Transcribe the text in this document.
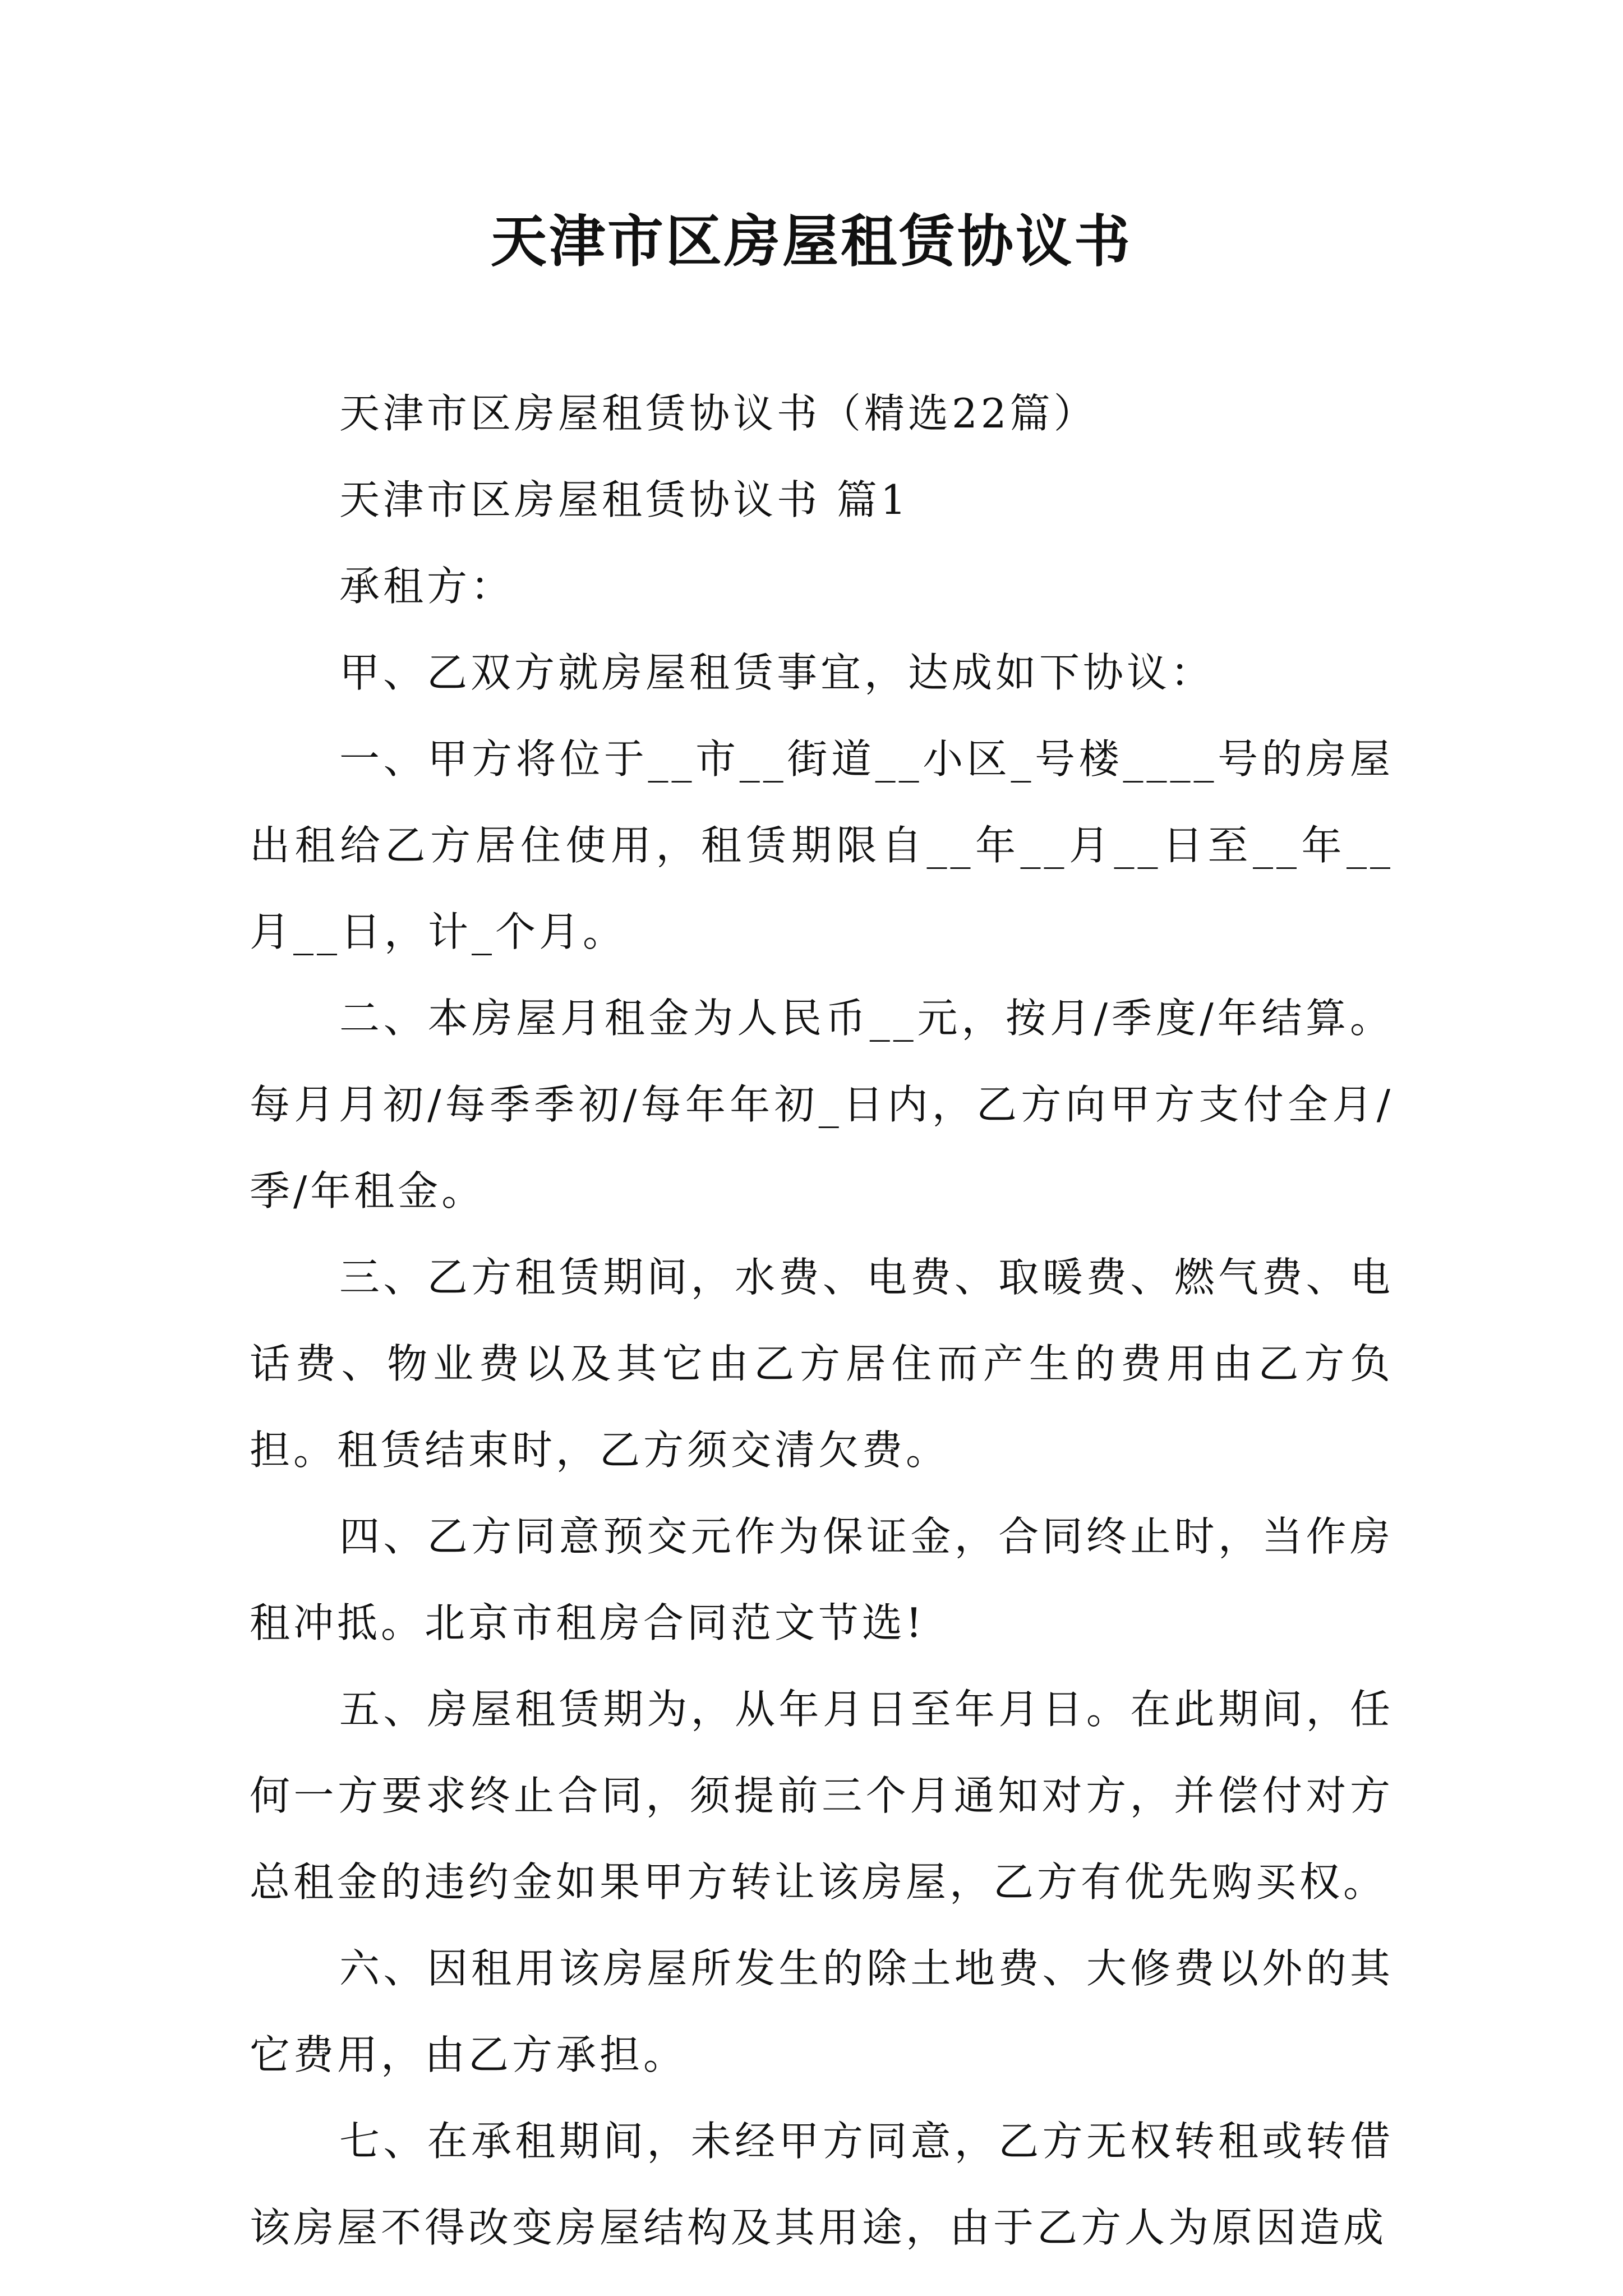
天津市区房屋租赁协议书

天津市区房屋租赁协议书（精选22篇）

天津市区房屋租赁协议书 篇1

承租方：

甲、乙双方就房屋租赁事宜，达成如下协议：

一、甲方将位于__市__街道__小区_号楼____号的房屋出租给乙方居住使用，租赁期限自__年__月__日至__年__月__日，计_个月。

二、本房屋月租金为人民币__元，按月/季度/年结算。每月月初/每季季初/每年年初_日内，乙方向甲方支付全月/季/年租金。

三、乙方租赁期间，水费、电费、取暖费、燃气费、电话费、物业费以及其它由乙方居住而产生的费用由乙方负担。租赁结束时，乙方须交清欠费。

四、乙方同意预交元作为保证金，合同终止时，当作房租冲抵。北京市租房合同范文节选!

五、房屋租赁期为，从年月日至年月日。在此期间，任何一方要求终止合同，须提前三个月通知对方，并偿付对方总租金的违约金如果甲方转让该房屋，乙方有优先购买权。

六、因租用该房屋所发生的除土地费、大修费以外的其它费用，由乙方承担。

七、在承租期间，未经甲方同意，乙方无权转租或转借该房屋不得改变房屋结构及其用途，由于乙方人为原因造成
